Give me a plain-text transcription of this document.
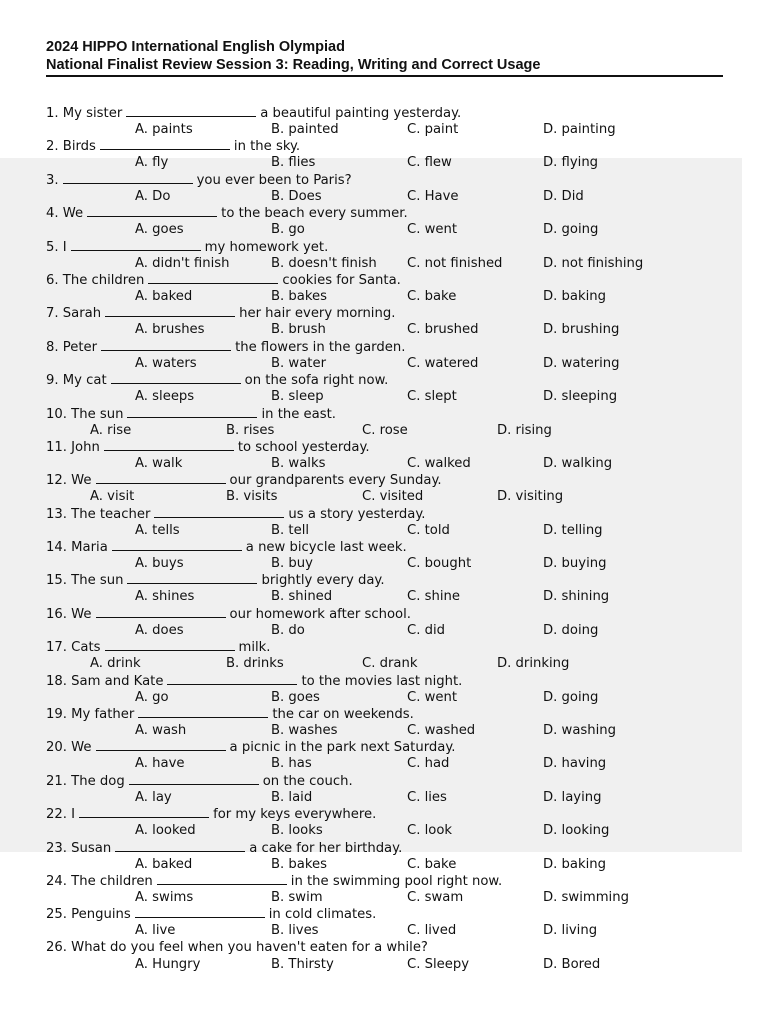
2024 HIPPO International English Olympiad
National Finalist Review Session 3: Reading, Writing and Correct Usage
1. My sister	a beautiful painting yesterday.
A. paints	B. painted	C. paint	D. painting
2. Birds	in the sky.
A. fly	B. flies	C. flew	D. flying
3.	you ever been to Paris?
A. Do	B. Does	C. Have	D. Did
4. We	to the beach every summer.
A. goes	B. go	C. went	D. going
5. I	my homework yet.
A. didn't finish	B. doesn't finish C. not finished	D. not finishing
6. The children	cookies for Santa.
A. baked	B. bakes	C. bake	D. baking
7. Sarah	her hair every morning.
A. brushes	B. brush	C. brushed	D. brushing
8. Peter	the flowers in the garden.
A. waters	B. water	C. watered	D. watering
9. My cat	on the sofa right now.
A. sleeps	B. sleep	C. slept	D. sleeping
10. The sun	in the east.
A. rise	B. rises	C. rose	D. rising
11. John	to school yesterday.
A. walk	B. walks	C. walked	D. walking
12. We	our grandparents every Sunday.
A. visit	B. visits	C. visited	D. visiting
13. The teacher	us a story yesterday.
A. tells	B. tell	C. told	D. telling
14. Maria	a new bicycle last week.
A. buys	B. buy	C. bought	D. buying
15. The sun	brightly every day.
A. shines	B. shined	C. shine	D. shining
16. We	our homework after school.
A. does	B. do	C. did	D. doing
17. Cats	milk.
A. drink	B. drinks	C. drank	D. drinking
18. Sam and Kate	to the movies last night.
A. go	B. goes	C. went	D. going
19. My father	the car on weekends.
A. wash	B. washes	C. washed	D. washing
20. We	a picnic in the park next Saturday.
A. have	B. has	C. had	D. having
21. The dog	on the couch.
A. lay	B. laid	C. lies	D. laying
22. I	for my keys everywhere.
A. looked	B. looks	C. look	D. looking
23. Susan	a cake for her birthday.
A. baked	B. bakes	C. bake	D. baking
24. The children	in the swimming pool right now.
A. swims	B. swim	C. swam	D. swimming
25. Penguins	in cold climates.
A. live	B. lives	C. lived	D. living
26. What do you feel when you haven't eaten for a while?
A. Hungry	B. Thirsty	C. Sleepy	D. Bored
